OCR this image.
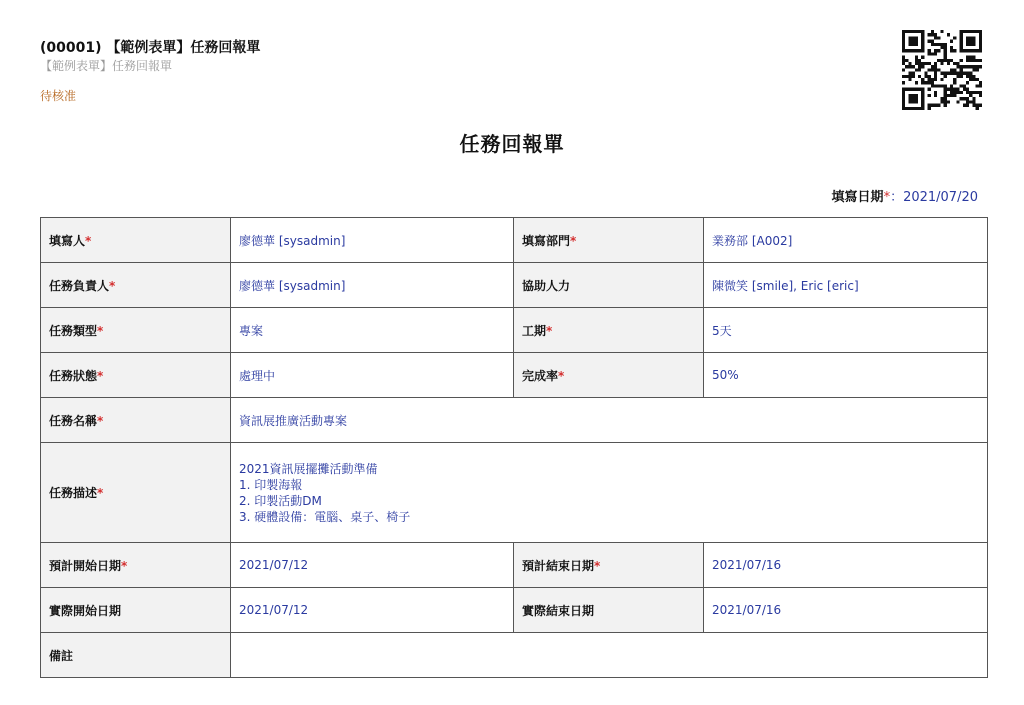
(00001) 【範例表單】任務回報單
【範例表單】任務回報單
待核准
任務回報單
填寫日期*：2021/07/20
填寫人*	廖德華 [sysadmin]	填寫部門*	業務部 [A002]
任務負責人*	廖德華 [sysadmin]	協助人力	陳微笑 [smile], Eric [eric]
任務類型*	專案	工期*	5天
任務狀態*	處理中	完成率*	50%
任務名稱*	資訊展推廣活動專案		
任務描述*	2021資訊展擺攤活動準備
1. 印製海報
2. 印製活動DM
3. 硬體設備：電腦、桌子、椅子		

預計開始日期*	2021/07/12	預計結束日期*	2021/07/16
實際開始日期	2021/07/12	實際結束日期	2021/07/16
備註			
